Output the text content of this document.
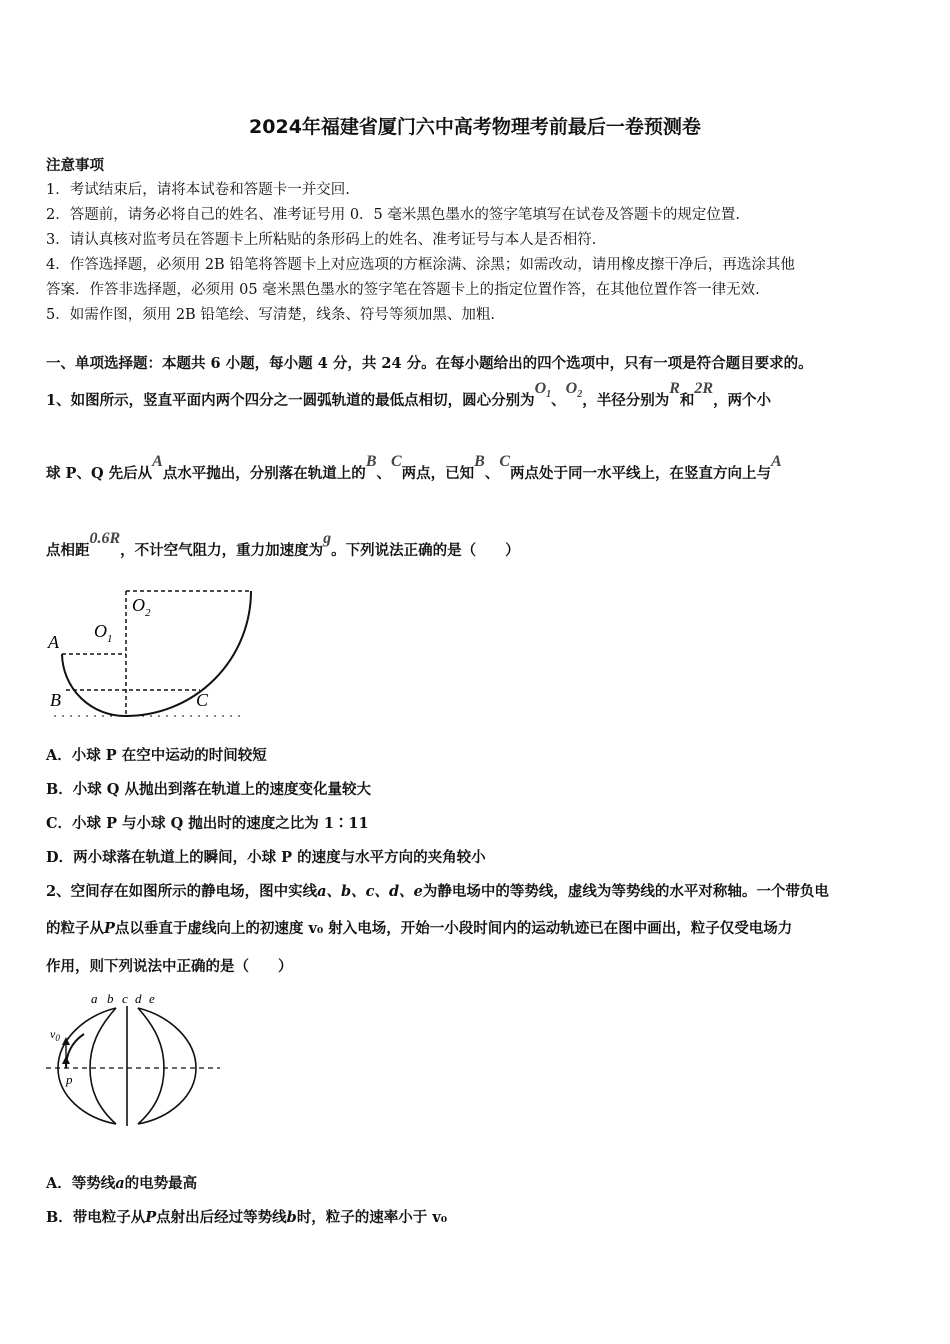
2024年福建省厦门六中高考物理考前最后一卷预测卷
注意事项
1．考试结束后，请将本试卷和答题卡一并交回.
2．答题前，请务必将自己的姓名、准考证号用 0．5 毫米黑色墨水的签字笔填写在试卷及答题卡的规定位置.
3．请认真核对监考员在答题卡上所粘贴的条形码上的姓名、准考证号与本人是否相符.
4．作答选择题，必须用 2B 铅笔将答题卡上对应选项的方框涂满、涂黑；如需改动，请用橡皮擦干净后，再选涂其他
答案．作答非选择题，必须用 05 毫米黑色墨水的签字笔在答题卡上的指定位置作答，在其他位置作答一律无效.
5．如需作图，须用 2B 铅笔绘、写清楚，线条、符号等须加黑、加粗.
一、单项选择题：本题共 6 小题，每小题 4 分，共 24 分。在每小题给出的四个选项中，只有一项是符合题目要求的。
1、如图所示，竖直平面内两个四分之一圆弧轨道的最低点相切，圆心分别为$O_1$、$O_2$，半径分别为R和2R，两个小
球 P、Q 先后从A点水平抛出，分别落在轨道上的B、C两点，已知B、C两点处于同一水平线上，在竖直方向上与A
点相距0.6R，不计空气阻力，重力加速度为g。下列说法正确的是（　　）
A
B	C
$O_1$
$O_2$
A．小球 P 在空中运动的时间较短
B．小球 Q 从抛出到落在轨道上的速度变化量较大
C．小球 P 与小球 Q 抛出时的速度之比为 1∶11
D．两小球落在轨道上的瞬间，小球 P 的速度与水平方向的夹角较小
2、空间存在如图所示的静电场，图中实线a、b、c、d、e为静电场中的等势线，虚线为等势线的水平对称轴。一个带负电
的粒子从P点以垂直于虚线向上的初速度 v₀ 射入电场，开始一小段时间内的运动轨迹已在图中画出，粒子仅受电场力
作用，则下列说法中正确的是（　　）
a b c d e
$v_0$
p
A．等势线a的电势最高
B．带电粒子从P点射出后经过等势线b时，粒子的速率小于 v₀
